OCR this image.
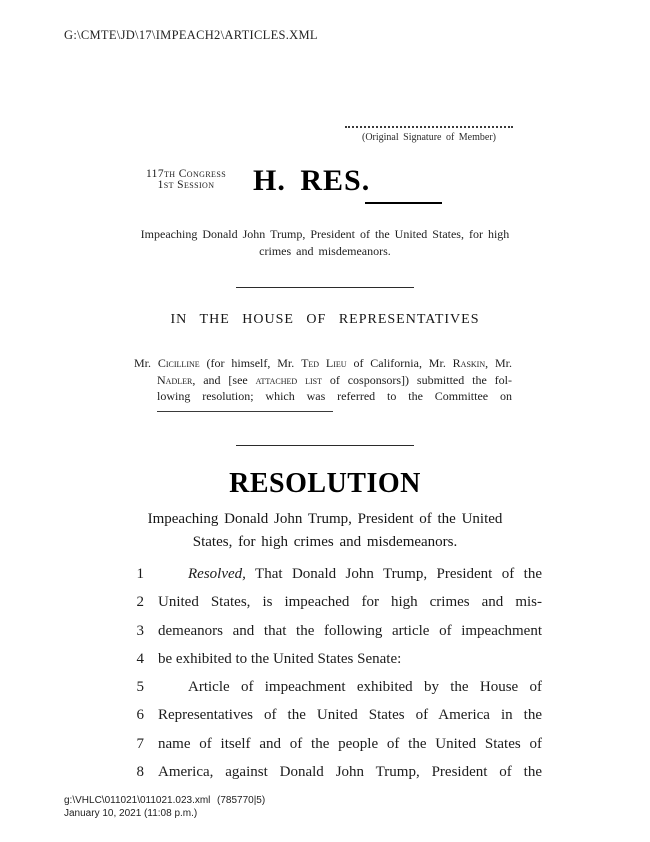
G:\CMTE\JD\17\IMPEACH2\ARTICLES.XML
(Original Signature of Member)
117th Congress
1st Session	H. RES.
Impeaching Donald John Trump, President of the United States, for high
crimes and misdemeanors.
IN THE HOUSE OF REPRESENTATIVES
Mr. Cicilline (for himself, Mr. Ted Lieu of California, Mr. Raskin, Mr.
Nadler, and [see attached list of cosponsors]) submitted the fol-
lowing resolution; which was referred to the Committee on
RESOLUTION
Impeaching Donald John Trump, President of the United
States, for high crimes and misdemeanors.
1	Resolved, That Donald John Trump, President of the
2 United States, is impeached for high crimes and mis-
3 demeanors and that the following article of impeachment
4 be exhibited to the United States Senate:
5	Article of impeachment exhibited by the House of
6 Representatives of the United States of America in the
7 name of itself and of the people of the United States of
8 America, against Donald John Trump, President of the
g:\VHLC\011021\011021.023.xml (785770|5)
January 10, 2021 (11:08 p.m.)
